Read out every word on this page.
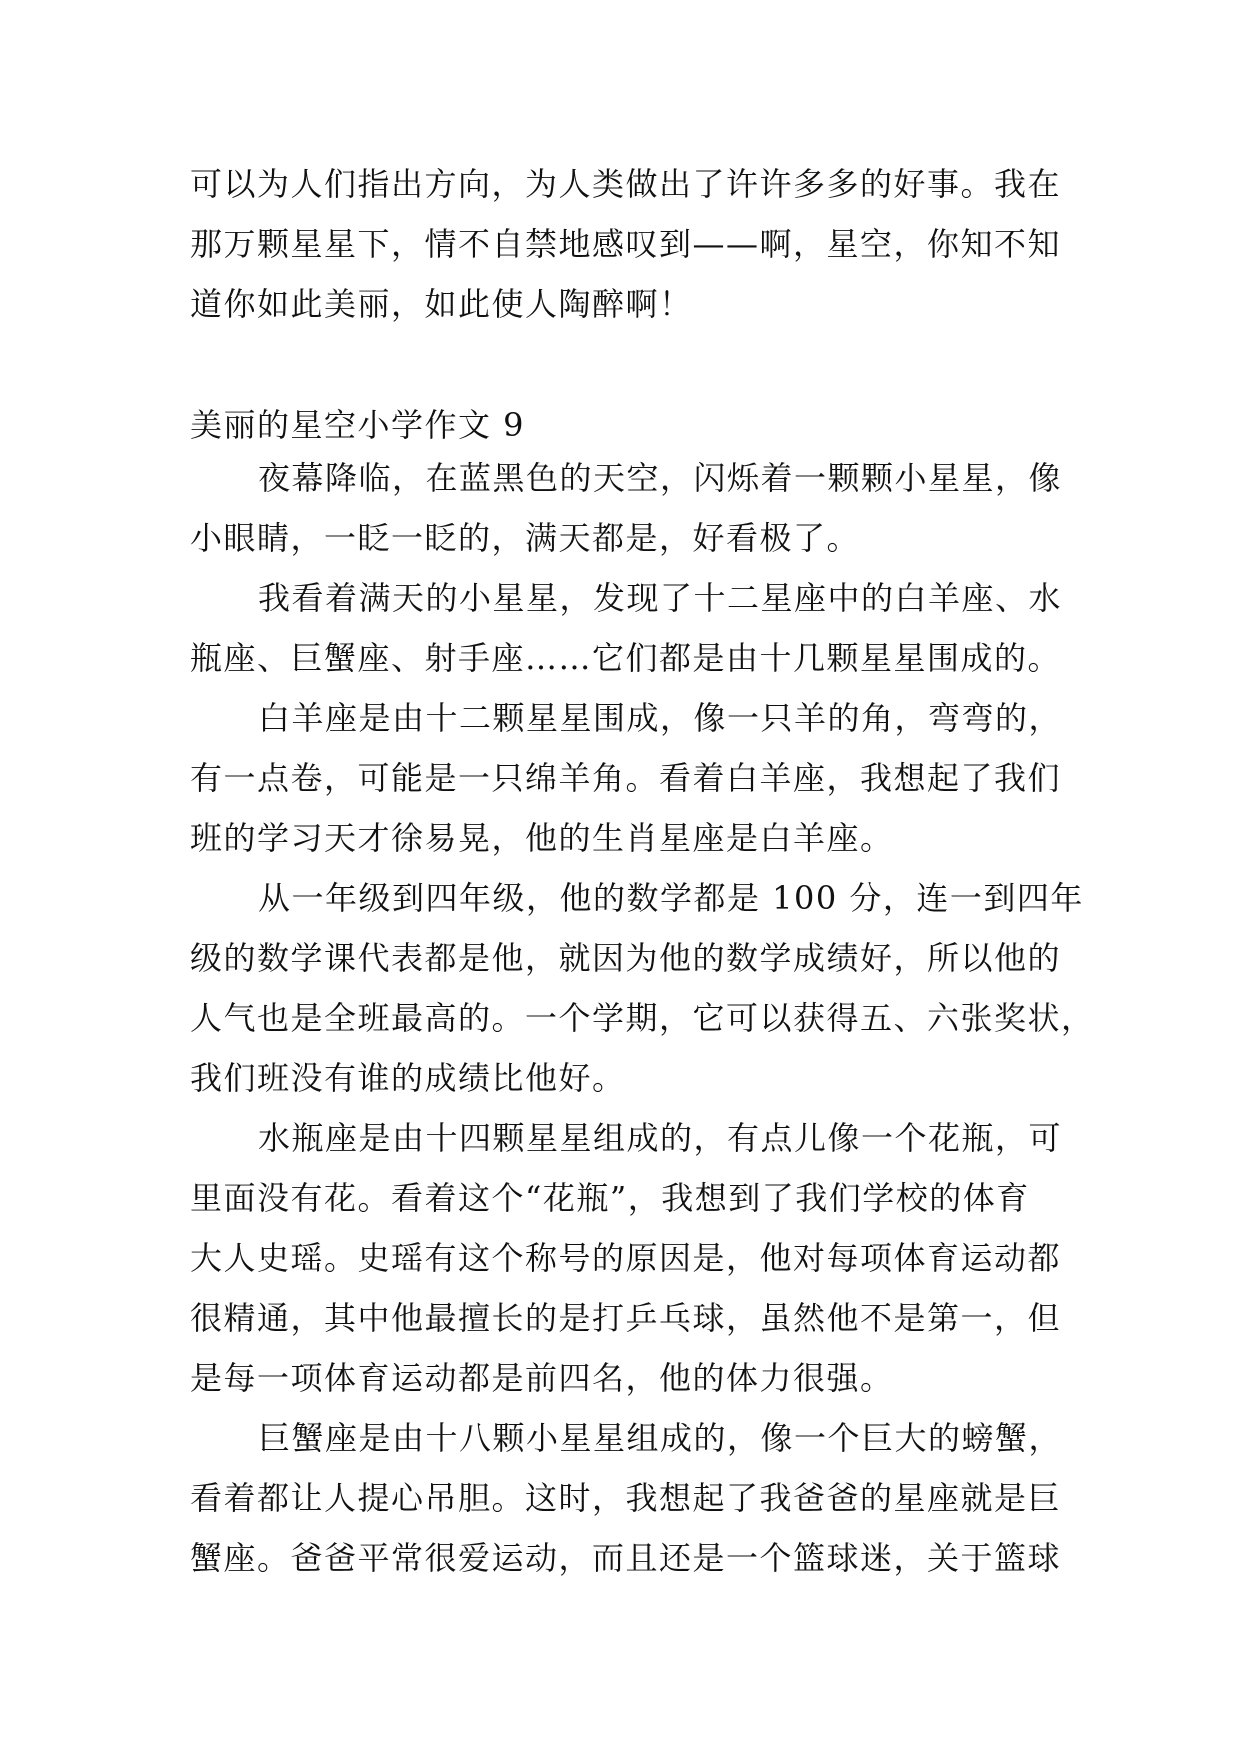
可以为人们指出方向，为人类做出了许许多多的好事。我在
那万颗星星下，情不自禁地感叹到——啊，星空，你知不知
道你如此美丽，如此使人陶醉啊！
美丽的星空小学作文 9
夜幕降临，在蓝黑色的天空，闪烁着一颗颗小星星，像
小眼睛，一眨一眨的，满天都是，好看极了。
我看着满天的小星星，发现了十二星座中的白羊座、水
瓶座、巨蟹座、射手座……它们都是由十几颗星星围成的。
白羊座是由十二颗星星围成，像一只羊的角，弯弯的，
有一点卷，可能是一只绵羊角。看着白羊座，我想起了我们
班的学习天才徐易晃，他的生肖星座是白羊座。
从一年级到四年级，他的数学都是 100 分，连一到四年
级的数学课代表都是他，就因为他的数学成绩好，所以他的
人气也是全班最高的。一个学期，它可以获得五、六张奖状，
我们班没有谁的成绩比他好。
水瓶座是由十四颗星星组成的，有点儿像一个花瓶，可
里面没有花。看着这个“花瓶”，我想到了我们学校的体育
大人史瑶。史瑶有这个称号的原因是，他对每项体育运动都
很精通，其中他最擅长的是打乒乓球，虽然他不是第一，但
是每一项体育运动都是前四名，他的体力很强。
巨蟹座是由十八颗小星星组成的，像一个巨大的螃蟹，
看着都让人提心吊胆。这时，我想起了我爸爸的星座就是巨
蟹座。爸爸平常很爱运动，而且还是一个篮球迷，关于篮球
